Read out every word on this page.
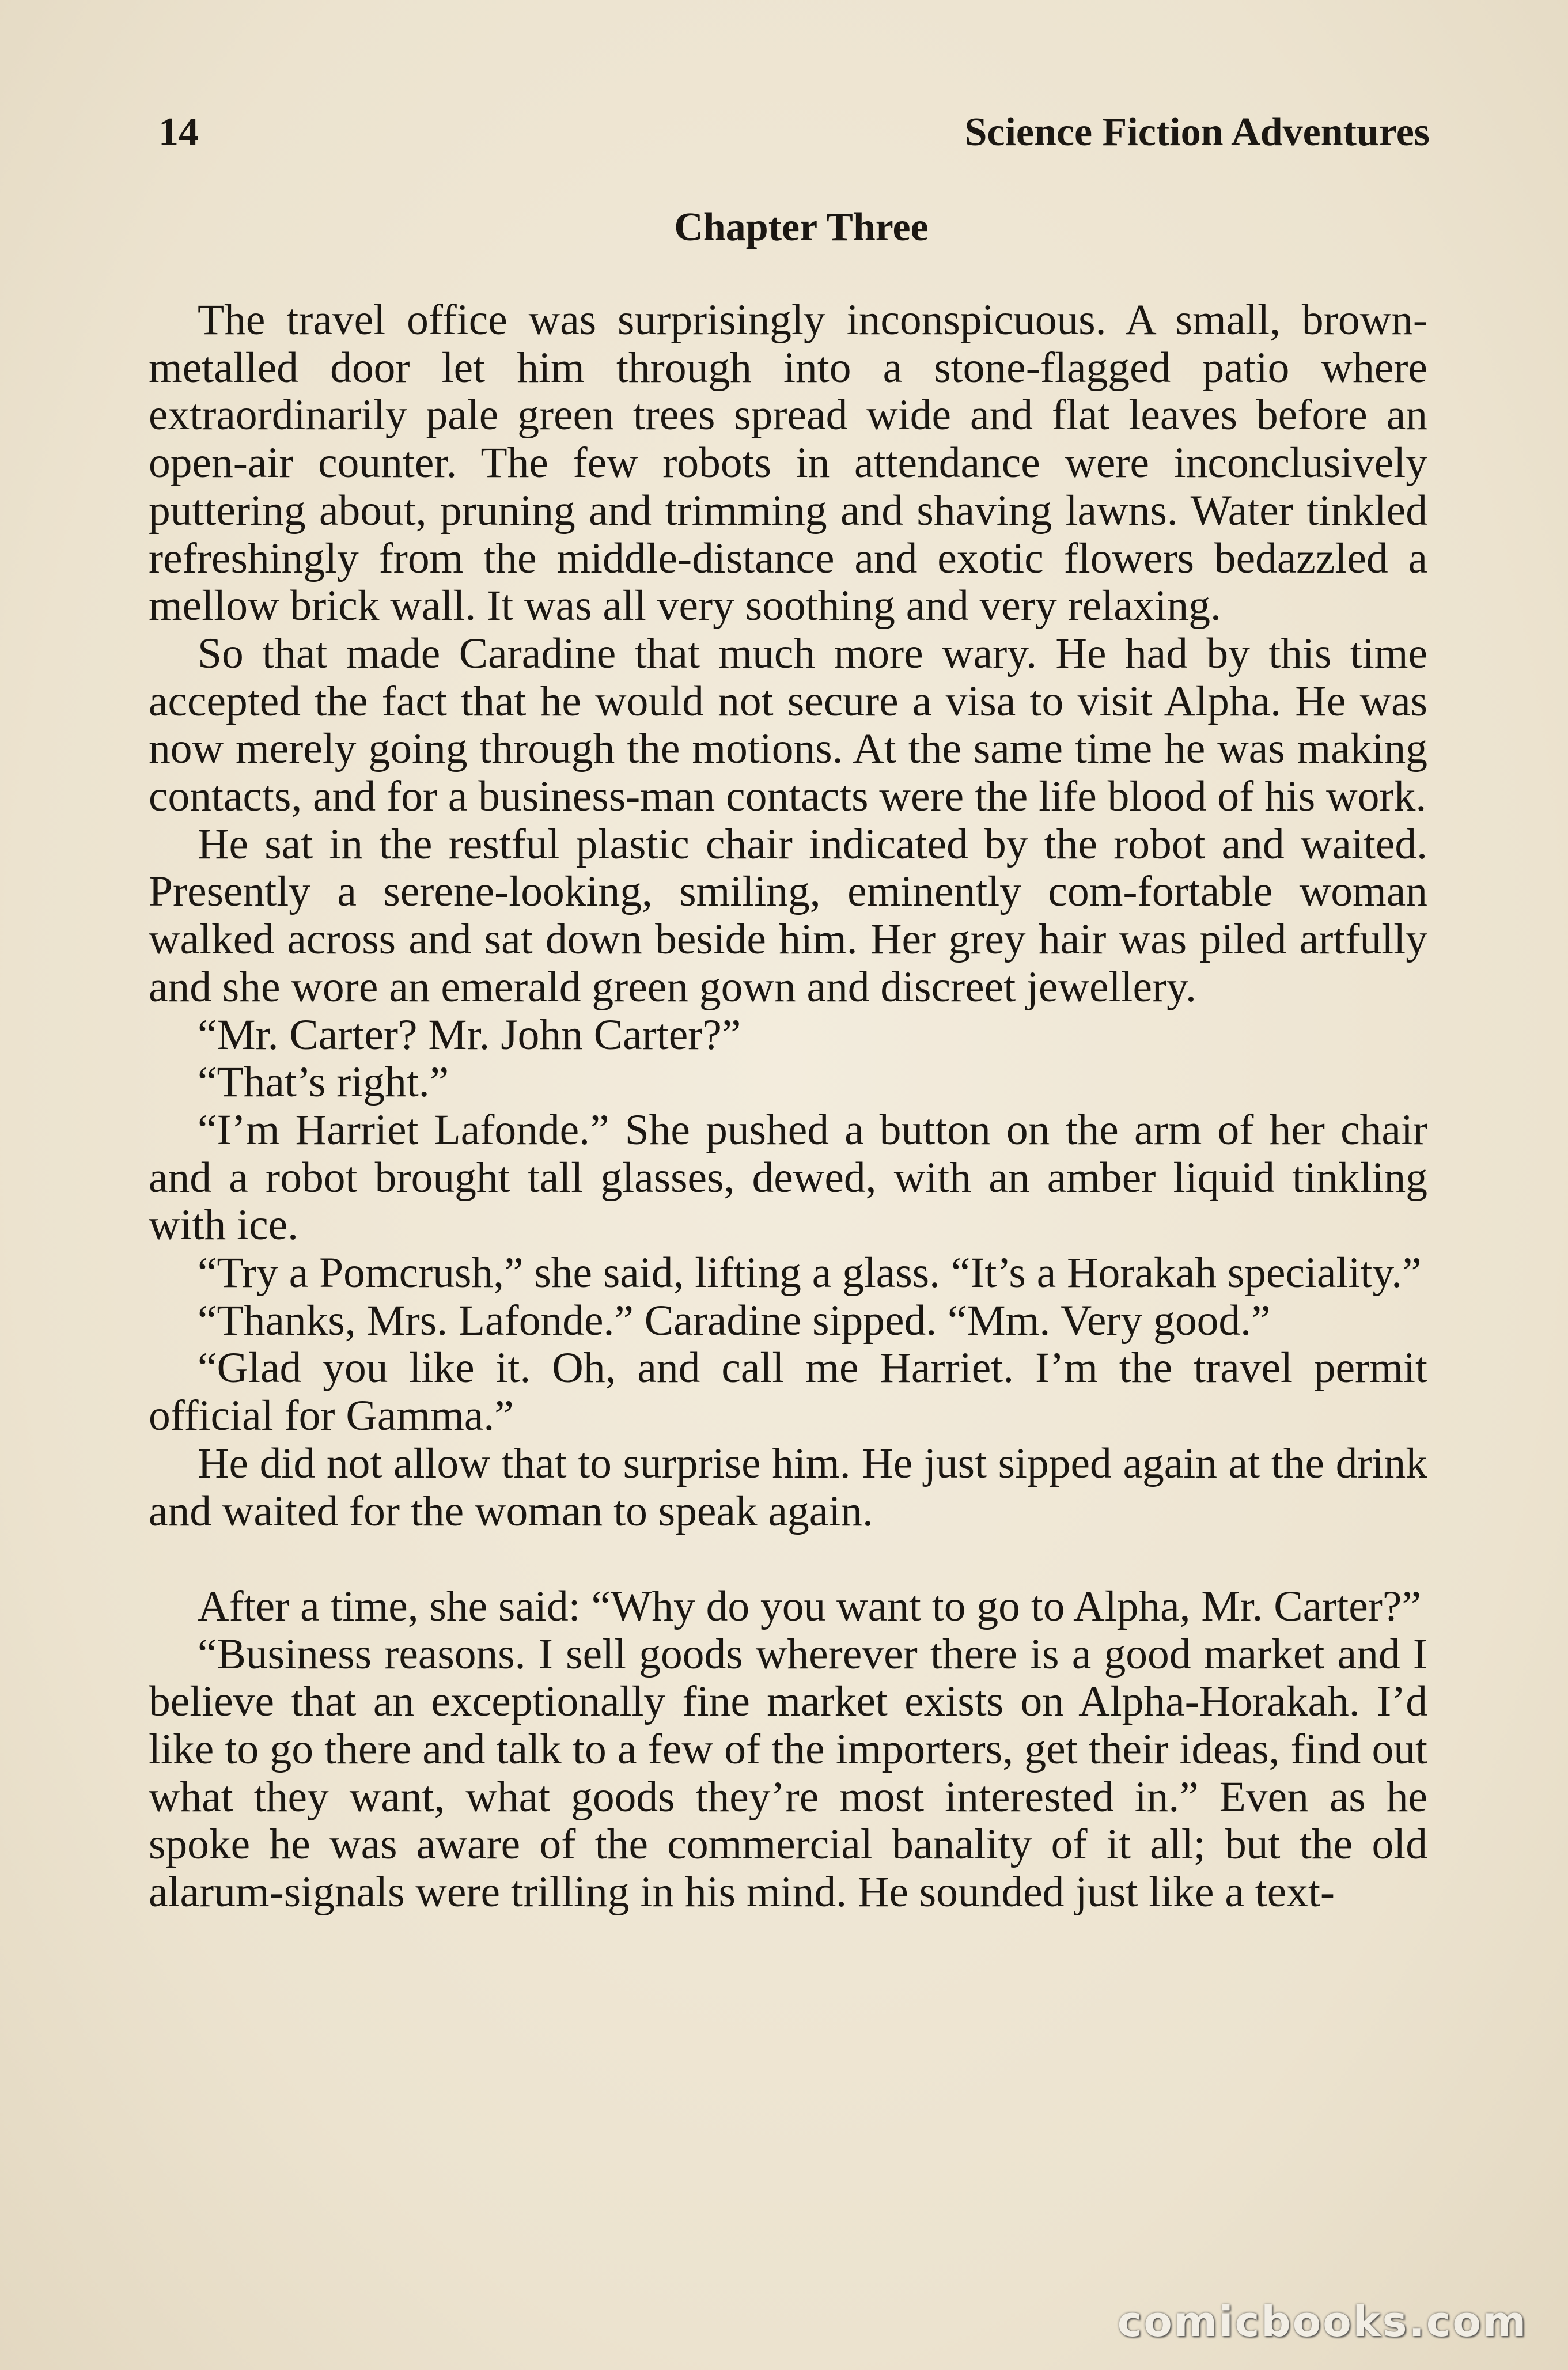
14	Science Fiction Adventures
Chapter Three

The travel office was surprisingly inconspicuous. A small, brown-metalled door let him through into a stone-flagged patio where extraordinarily pale green trees spread wide and flat leaves before an open-air counter. The few robots in attendance were inconclusively puttering about, pruning and trimming and shaving lawns. Water tinkled refreshingly from the middle-distance and exotic flowers bedazzled a mellow brick wall. It was all very soothing and very relaxing.

So that made Caradine that much more wary. He had by this time accepted the fact that he would not secure a visa to visit Alpha. He was now merely going through the motions. At the same time he was making contacts, and for a business-man contacts were the life blood of his work.

He sat in the restful plastic chair indicated by the robot and waited. Presently a serene-looking, smiling, eminently com-fortable woman walked across and sat down beside him. Her grey hair was piled artfully and she wore an emerald green gown and discreet jewellery.

“Mr. Carter? Mr. John Carter?”

“That’s right.”

“I’m Harriet Lafonde.” She pushed a button on the arm of her chair and a robot brought tall glasses, dewed, with an amber liquid tinkling with ice.

“Try a Pomcrush,” she said, lifting a glass. “It’s a Horakah speciality.”

“Thanks, Mrs. Lafonde.” Caradine sipped. “Mm. Very good.”

“Glad you like it. Oh, and call me Harriet. I’m the travel permit official for Gamma.”

He did not allow that to surprise him. He just sipped again at the drink and waited for the woman to speak again.

After a time, she said: “Why do you want to go to Alpha, Mr. Carter?”

“Business reasons. I sell goods wherever there is a good market and I believe that an exceptionally fine market exists on Alpha-Horakah. I’d like to go there and talk to a few of the importers, get their ideas, find out what they want, what goods they’re most interested in.” Even as he spoke he was aware of the commercial banality of it all; but the old alarum-signals were trilling in his mind. He sounded just like a text-

comicbooks.com
